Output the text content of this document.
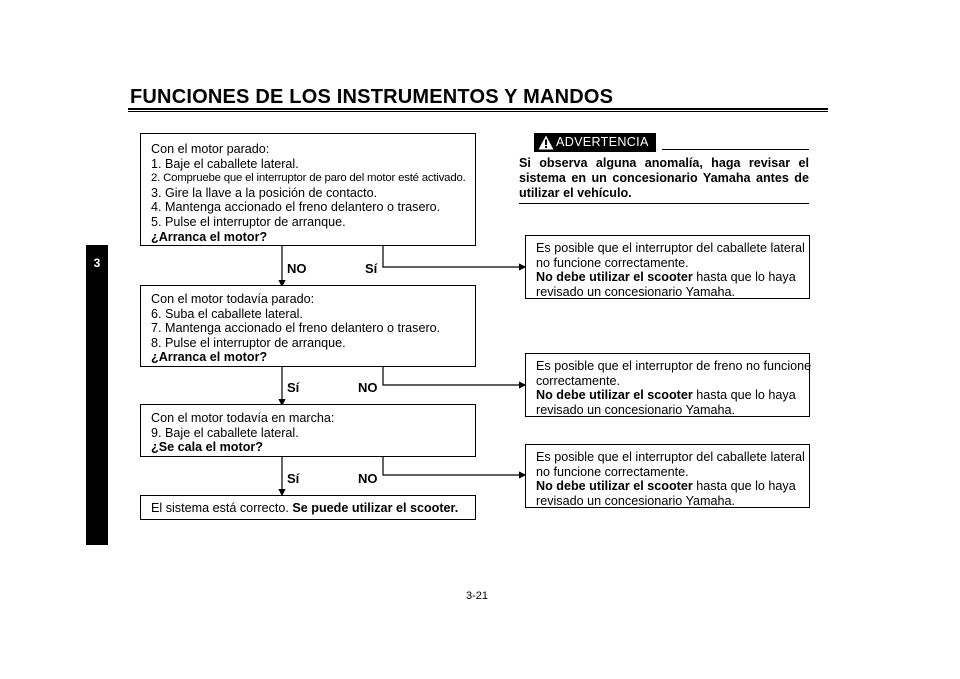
FUNCIONES DE LOS INSTRUMENTOS Y MANDOS
3
Con el motor parado:
1. Baje el caballete lateral.
2. Compruebe que el interruptor de paro del motor esté activado.
3. Gire la llave a la posición de contacto.
4. Mantenga accionado el freno delantero o trasero.
5. Pulse el interruptor de arranque.
¿Arranca el motor?
NO	Sí
Con el motor todavía parado:
6. Suba el caballete lateral.
7. Mantenga accionado el freno delantero o trasero.
8. Pulse el interruptor de arranque.
¿Arranca el motor?
Sí	NO
Con el motor todavía en marcha:
9. Baje el caballete lateral.
¿Se cala el motor?
Sí	NO
El sistema está correcto. Se puede utilizar el scooter.
ADVERTENCIA
Si observa alguna anomalía, haga revisar el sistema en un concesionario Yamaha antes de utilizar el vehículo.
Es posible que el interruptor del caballete lateral
no funcione correctamente.
No debe utilizar el scooter hasta que lo haya
revisado un concesionario Yamaha.
Es posible que el interruptor de freno no funcione
correctamente.
No debe utilizar el scooter hasta que lo haya
revisado un concesionario Yamaha.
Es posible que el interruptor del caballete lateral
no funcione correctamente.
No debe utilizar el scooter hasta que lo haya
revisado un concesionario Yamaha.
3-21
